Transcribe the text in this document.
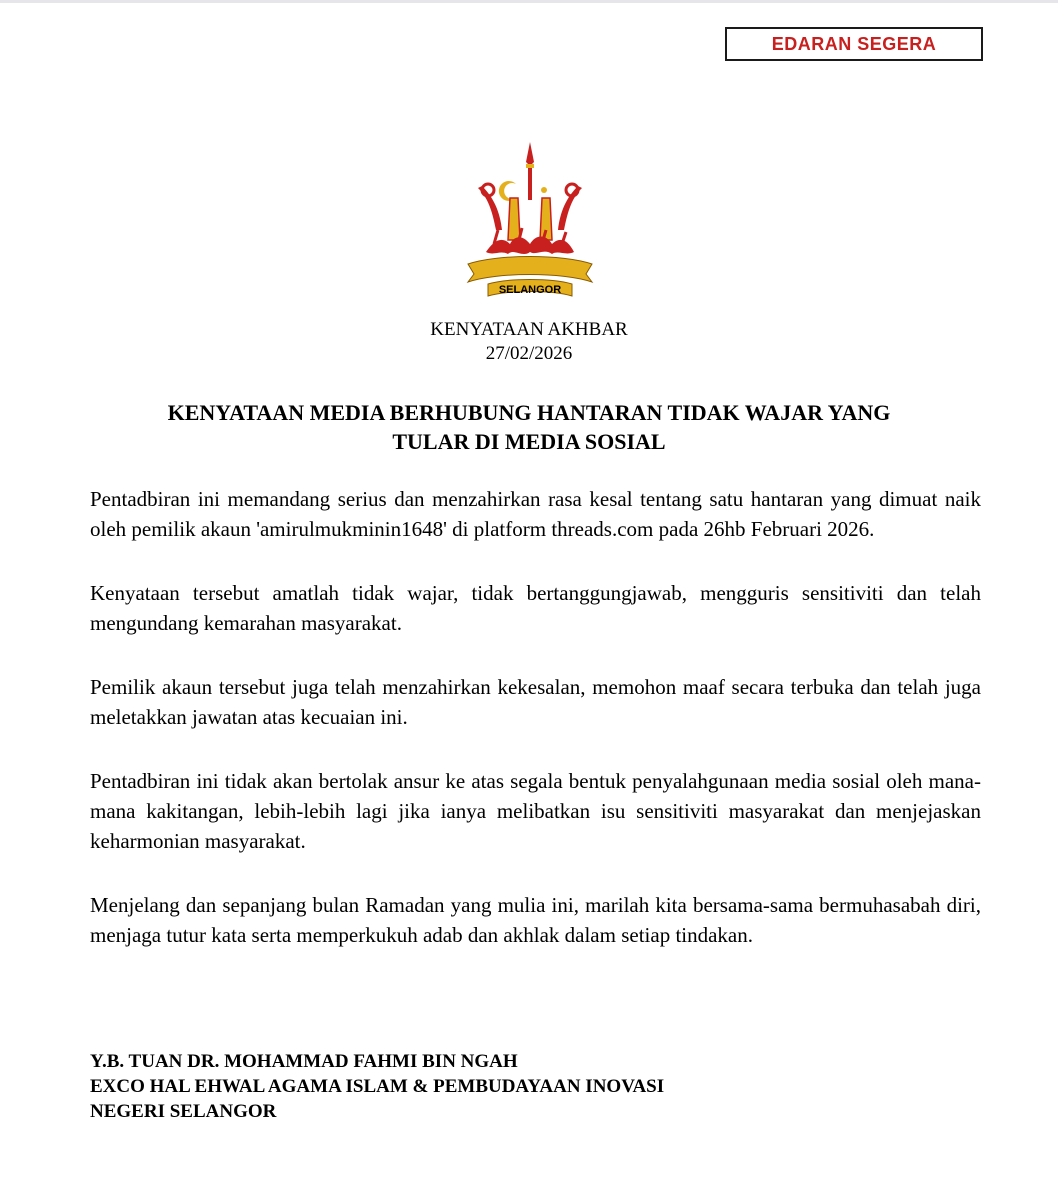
EDARAN SEGERA
SELANGOR
KENYATAAN AKHBAR
27/02/2026
KENYATAAN MEDIA BERHUBUNG HANTARAN TIDAK WAJAR YANG
TULAR DI MEDIA SOSIAL

Pentadbiran ini memandang serius dan menzahirkan rasa kesal tentang satu hantaran yang dimuat naik oleh pemilik akaun 'amirulmukminin1648' di platform threads.com pada 26hb Februari 2026.

Kenyataan tersebut amatlah tidak wajar, tidak bertanggungjawab, mengguris sensitiviti dan telah mengundang kemarahan masyarakat.

Pemilik akaun tersebut juga telah menzahirkan kekesalan, memohon maaf secara terbuka dan telah juga meletakkan jawatan atas kecuaian ini.

Pentadbiran ini tidak akan bertolak ansur ke atas segala bentuk penyalahgunaan media sosial oleh mana-mana kakitangan, lebih-lebih lagi jika ianya melibatkan isu sensitiviti masyarakat dan menjejaskan keharmonian masyarakat.

Menjelang dan sepanjang bulan Ramadan yang mulia ini, marilah kita bersama-sama bermuhasabah diri, menjaga tutur kata serta memperkukuh adab dan akhlak dalam setiap tindakan.

Y.B. TUAN DR. MOHAMMAD FAHMI BIN NGAH
EXCO HAL EHWAL AGAMA ISLAM & PEMBUDAYAAN INOVASI
NEGERI SELANGOR
